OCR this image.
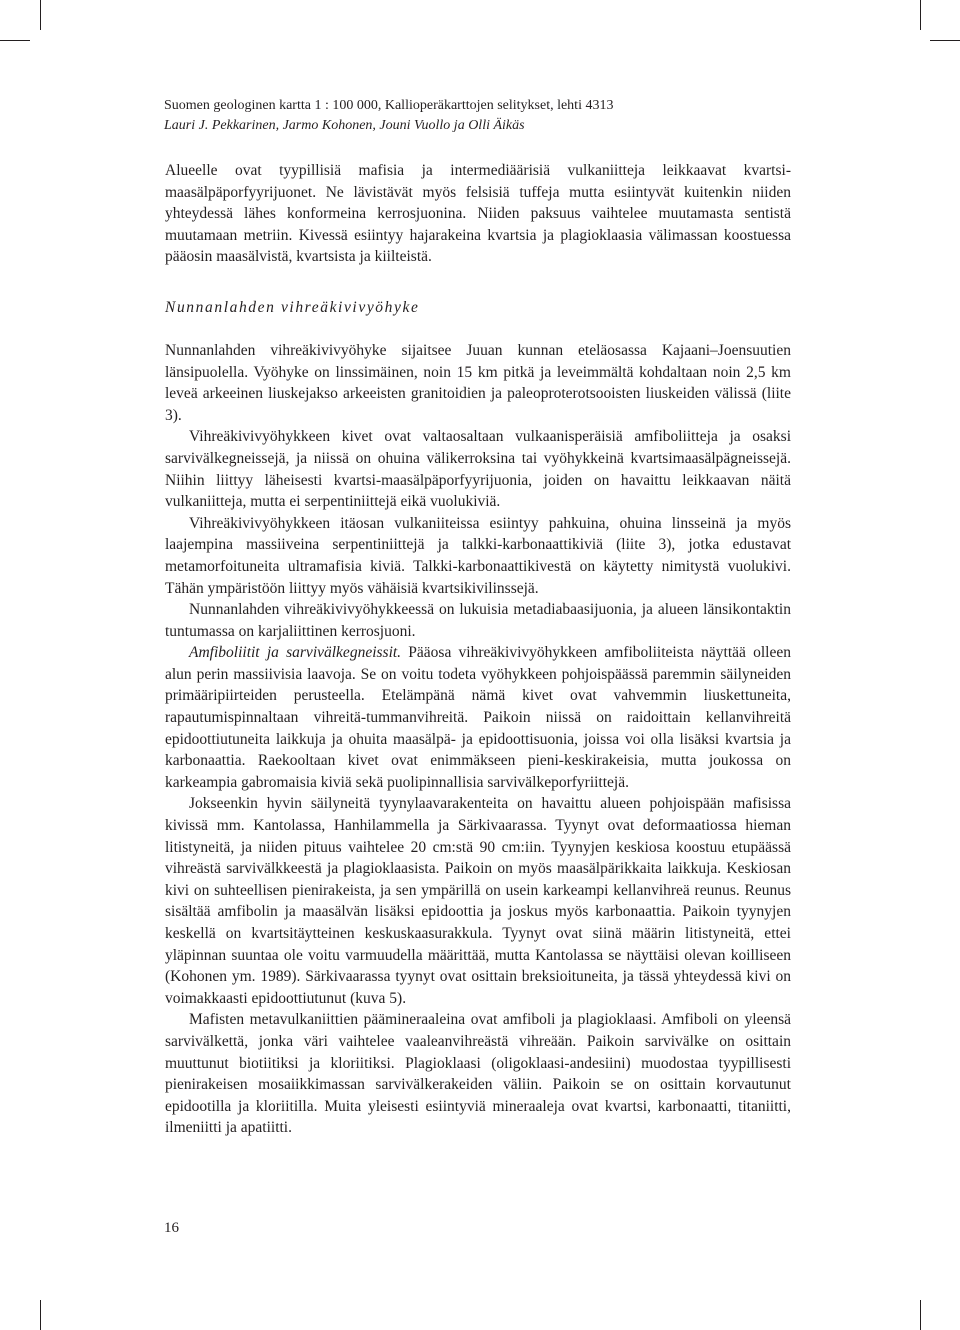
Suomen geologinen kartta 1 : 100 000, Kallioperäkarttojen selitykset, lehti 4313
Lauri J. Pekkarinen, Jarmo Kohonen, Jouni Vuollo ja Olli Äikäs

Alueelle ovat tyypillisiä mafisia ja intermediäärisiä vulkaniitteja leikkaavat kvartsimaasälpäporfyyrijuonet. Ne lävistävät myös felsisiä tuffeja mutta esiintyvät kuitenkin niiden yhteydessä lähes konformeina kerrosjuonina. Niiden paksuus vaihtelee muutamasta sentistä muutamaan metriin. Kivessä esiintyy hajarakeina kvartsia ja plagioklaasia välimassan koostuessa pääosin maasälvistä, kvartsista ja kiilteistä.

Nunnanlahden vihreäkivivyöhyke

Nunnanlahden vihreäkivivyöhyke sijaitsee Juuan kunnan eteläosassa Kajaani–Joensuutien länsipuolella. Vyöhyke on linssimäinen, noin 15 km pitkä ja leveimmältä kohdaltaan noin 2,5 km leveä arkeeinen liuskejakso arkeeisten granitoidien ja paleoproterotsooisten liuskeiden välissä (liite 3).

Vihreäkivivyöhykkeen kivet ovat valtaosaltaan vulkaanisperäisiä amfiboliitteja ja osaksi sarvivälkegneissejä, ja niissä on ohuina välikerroksina tai vyöhykkeinä kvartsimaasälpägneissejä. Niihin liittyy läheisesti kvartsi-maasälpäporfyyrijuonia, joiden on havaittu leikkaavan näitä vulkaniitteja, mutta ei serpentiniittejä eikä vuolukiviä.

Vihreäkivivyöhykkeen itäosan vulkaniiteissa esiintyy pahkuina, ohuina linsseinä ja myös laajempina massiiveina serpentiniittejä ja talkki-karbonaattikiviä (liite 3), jotka edustavat metamorfoituneita ultramafisia kiviä. Talkki-karbonaattikivestä on käytetty nimitystä vuolukivi. Tähän ympäristöön liittyy myös vähäisiä kvartsikivilinssejä.

Nunnanlahden vihreäkivivyöhykkeessä on lukuisia metadiabaasijuonia, ja alueen länsikontaktin tuntumassa on karjaliittinen kerrosjuoni.

Amfiboliitit ja sarvivälkegneissit. Pääosa vihreäkivivyöhykkeen amfiboliiteista näyttää olleen alun perin massiivisia laavoja. Se on voitu todeta vyöhykkeen pohjoispäässä paremmin säilyneiden primääripiirteiden perusteella. Etelämpänä nämä kivet ovat vahvemmin liuskettuneita, rapautumispinnaltaan vihreitä-tummanvihreitä. Paikoin niissä on raidoittain kellanvihreitä epidoottiutuneita laikkuja ja ohuita maasälpä- ja epidoottisuonia, joissa voi olla lisäksi kvartsia ja karbonaattia. Raekooltaan kivet ovat enimmäkseen pieni-keskirakeisia, mutta joukossa on karkeampia gabromaisia kiviä sekä puolipinnallisia sarvivälkeporfyriittejä.

Jokseenkin hyvin säilyneitä tyynylaavarakenteita on havaittu alueen pohjoispään mafisissa kivissä mm. Kantolassa, Hanhilammella ja Särkivaarassa. Tyynyt ovat deformaatiossa hieman litistyneitä, ja niiden pituus vaihtelee 20 cm:stä 90 cm:iin. Tyynyjen keskiosa koostuu etupäässä vihreästä sarvivälkkeestä ja plagioklaasista. Paikoin on myös maasälpärikkaita laikkuja. Keskiosan kivi on suhteellisen pienirakeista, ja sen ympärillä on usein karkeampi kellanvihreä reunus. Reunus sisältää amfibolin ja maasälvän lisäksi epidoottia ja joskus myös karbonaattia. Paikoin tyynyjen keskellä on kvartsitäytteinen keskuskaasurakkula. Tyynyt ovat siinä määrin litistyneitä, ettei yläpinnan suuntaa ole voitu varmuudella määrittää, mutta Kantolassa se näyttäisi olevan koilliseen (Kohonen ym. 1989). Särkivaarassa tyynyt ovat osittain breksioituneita, ja tässä yhteydessä kivi on voimakkaasti epidoottiutunut (kuva 5).

Mafisten metavulkaniittien päämineraaleina ovat amfiboli ja plagioklaasi. Amfiboli on yleensä sarvivälkettä, jonka väri vaihtelee vaaleanvihreästä vihreään. Paikoin sarvivälke on osittain muuttunut biotiitiksi ja kloriitiksi. Plagioklaasi (oligoklaasi-andesiini) muodostaa tyypillisesti pienirakeisen mosaiikkimassan sarvivälkerakeiden väliin. Paikoin se on osittain korvautunut epidootilla ja kloriitilla. Muita yleisesti esiintyviä mineraaleja ovat kvartsi, karbonaatti, titaniitti, ilmeniitti ja apatiitti.

16
